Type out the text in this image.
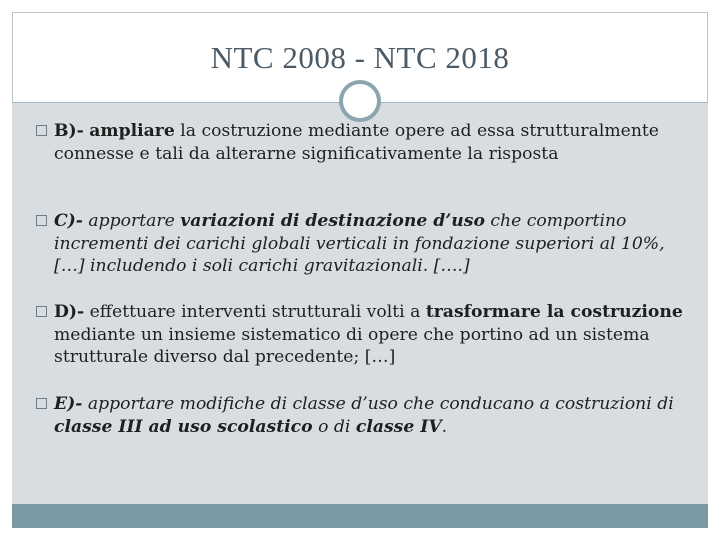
NTC 2008 - NTC 2018
B)- ampliare la costruzione mediante opere ad essa strutturalmente connesse e tali da alterarne significativamente la risposta
C)- apportare variazioni di destinazione d’uso che comportino incrementi dei carichi globali verticali in fondazione superiori al 10%, […] includendo i soli carichi gravitazionali. [….]
D)- effettuare interventi strutturali volti a trasformare la costruzione mediante un insieme sistematico di opere che portino ad un sistema strutturale diverso dal precedente; […]
E)- apportare modifiche di classe d’uso che conducano a costruzioni di classe III ad uso scolastico o di classe IV.
